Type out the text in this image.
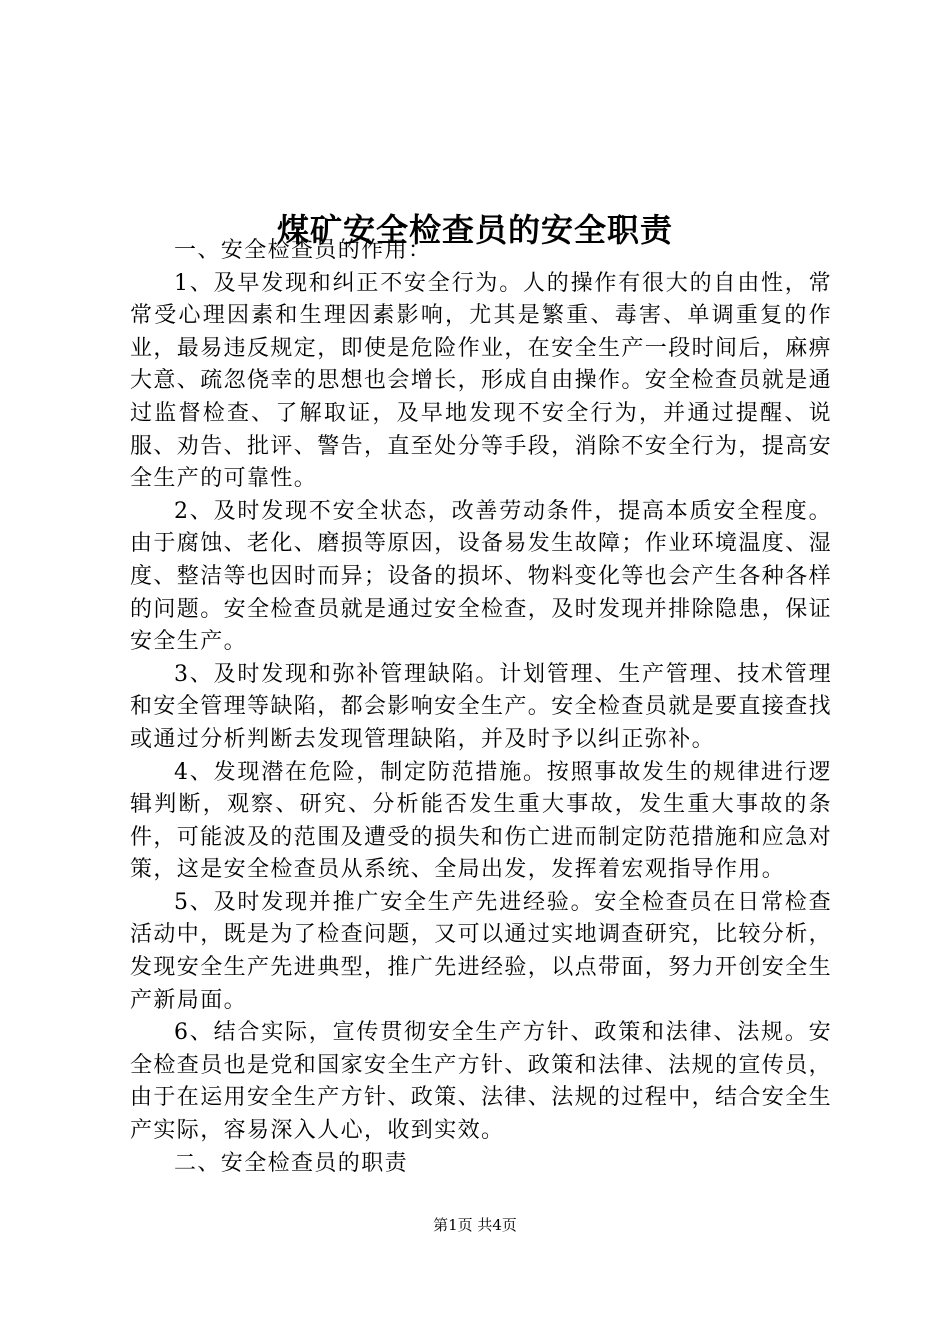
煤矿安全检查员的安全职责

一、安全检查员的作用：

1、及早发现和纠正不安全行为。人的操作有很大的自由性，常常受心理因素和生理因素影响，尤其是繁重、毒害、单调重复的作业，最易违反规定，即使是危险作业，在安全生产一段时间后，麻痹大意、疏忽侥幸的思想也会增长，形成自由操作。安全检查员就是通过监督检查、了解取证，及早地发现不安全行为，并通过提醒、说服、劝告、批评、警告，直至处分等手段，消除不安全行为，提高安全生产的可靠性。

2、及时发现不安全状态，改善劳动条件，提高本质安全程度。由于腐蚀、老化、磨损等原因，设备易发生故障；作业环境温度、湿度、整洁等也因时而异；设备的损坏、物料变化等也会产生各种各样的问题。安全检查员就是通过安全检查，及时发现并排除隐患，保证安全生产。

3、及时发现和弥补管理缺陷。计划管理、生产管理、技术管理和安全管理等缺陷，都会影响安全生产。安全检查员就是要直接查找或通过分析判断去发现管理缺陷，并及时予以纠正弥补。

4、发现潜在危险，制定防范措施。按照事故发生的规律进行逻辑判断，观察、研究、分析能否发生重大事故，发生重大事故的条件，可能波及的范围及遭受的损失和伤亡进而制定防范措施和应急对策，这是安全检查员从系统、全局出发，发挥着宏观指导作用。

5、及时发现并推广安全生产先进经验。安全检查员在日常检查活动中，既是为了检查问题，又可以通过实地调查研究，比较分析，发现安全生产先进典型，推广先进经验，以点带面，努力开创安全生产新局面。

6、结合实际，宣传贯彻安全生产方针、政策和法律、法规。安全检查员也是党和国家安全生产方针、政策和法律、法规的宣传员，由于在运用安全生产方针、政策、法律、法规的过程中，结合安全生产实际，容易深入人心，收到实效。

二、安全检查员的职责

第1页 共4页
